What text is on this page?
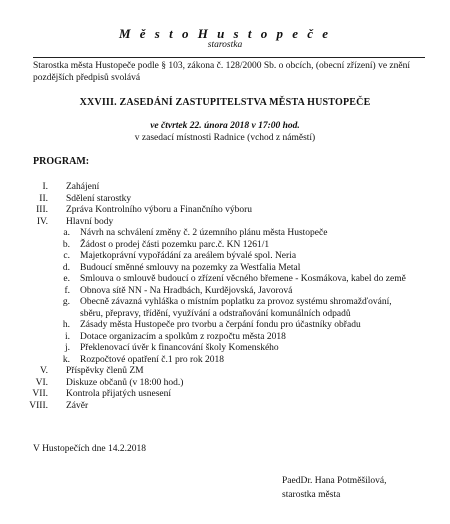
M ě s t o H u s t o p e č e
starostka
Starostka města Hustopeče podle § 103, zákona č. 128/2000 Sb. o obcích, (obecní zřízení) ve znění pozdějších předpisů svolává
XXVIII. ZASEDÁNÍ ZASTUPITELSTVA MĚSTA HUSTOPEČE
ve čtvrtek 22. února 2018 v 17:00 hod.
v zasedací místnosti Radnice (vchod z náměstí)
PROGRAM:
I. Zahájení
II. Sdělení starostky
III. Zpráva Kontrolního výboru a Finančního výboru
IV. Hlavní body
a. Návrh na schválení změny č. 2 územního plánu města Hustopeče
b. Žádost o prodej části pozemku parc.č. KN 1261/1
c. Majetkoprávní vypořádání za areálem bývalé spol. Neria
d. Budoucí směnné smlouvy na pozemky za Westfalia Metal
e. Smlouva o smlouvě budoucí o zřízení věcného břemene - Kosmákova, kabel do země
f. Obnova sítě NN - Na Hradbách, Kurdějovská, Javorová
g. Obecně závazná vyhláška o místním poplatku za provoz systému shromažďování,
sběru, přepravy, třídění, využívání a odstraňování komunálních odpadů
h. Zásady města Hustopeče pro tvorbu a čerpání fondu pro účastníky obřadu
i. Dotace organizacím a spolkům z rozpočtu města 2018
j. Překlenovací úvěr k financování školy Komenského
k. Rozpočtové opatření č.1 pro rok 2018
V. Příspěvky členů ZM
VI. Diskuze občanů (v 18:00 hod.)
VII. Kontrola přijatých usnesení
VIII. Závěr
V Hustopečích dne 14.2.2018
PaedDr. Hana Potměšilová,
starostka města
